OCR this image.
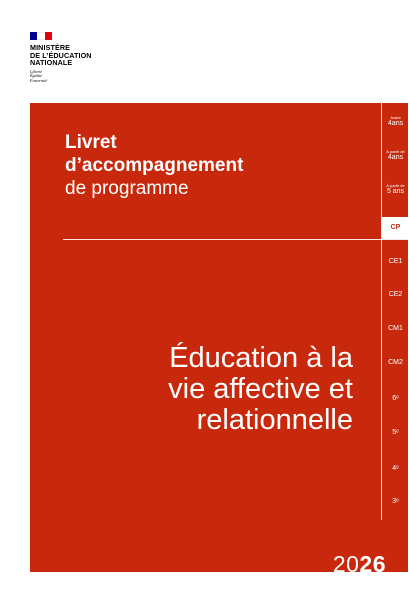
MINISTÈRE
DE L’ÉDUCATION
NATIONALE
Liberté
Égalité
Fraternité
Livret
d’accompagnement
de programme
Éducation à la
vie affective et
relationnelle
2026
Avant
4ans
À partir de
4ans
À partir de
5 ans
CP
CE1
CE2
CM1
CM2
6ᵉ
5ᵉ
4ᵉ
3ᵉ
